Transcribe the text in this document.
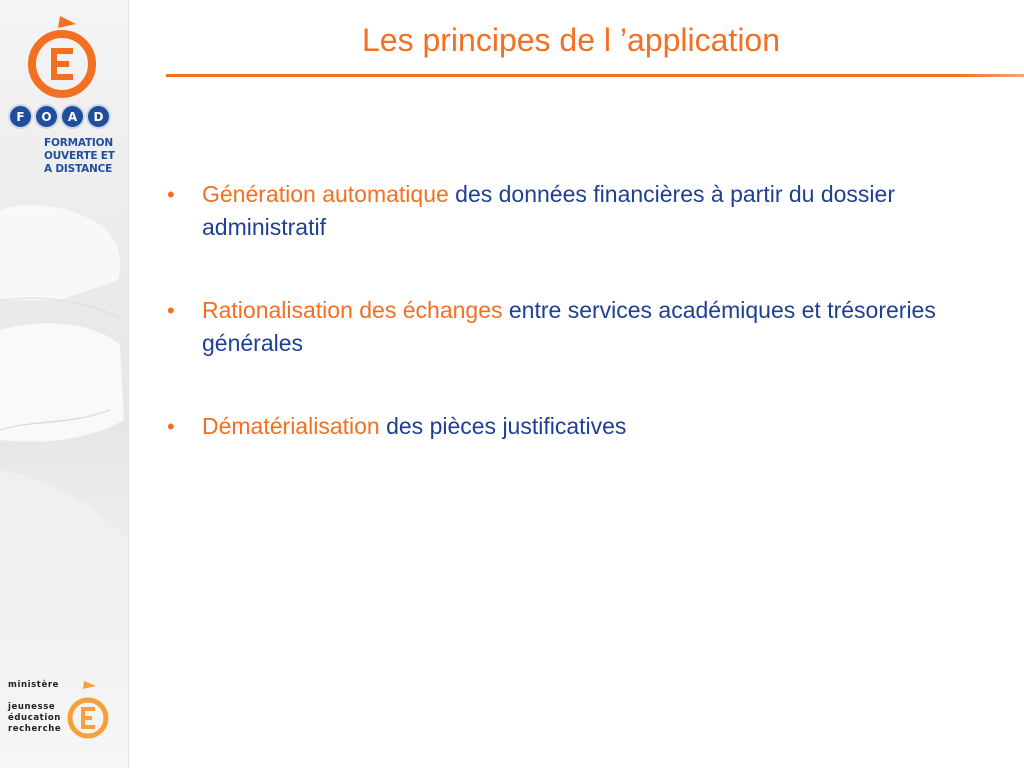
F	O	A	D
FORMATION
OUVERTE ET
A DISTANCE
ministère
jeunesse
éducation
recherche
Les principes de l ’application
• Génération automatique des données financières à partir du dossier administratif
• Rationalisation des échanges entre services académiques et trésoreries générales
• Dématérialisation des pièces justificatives
